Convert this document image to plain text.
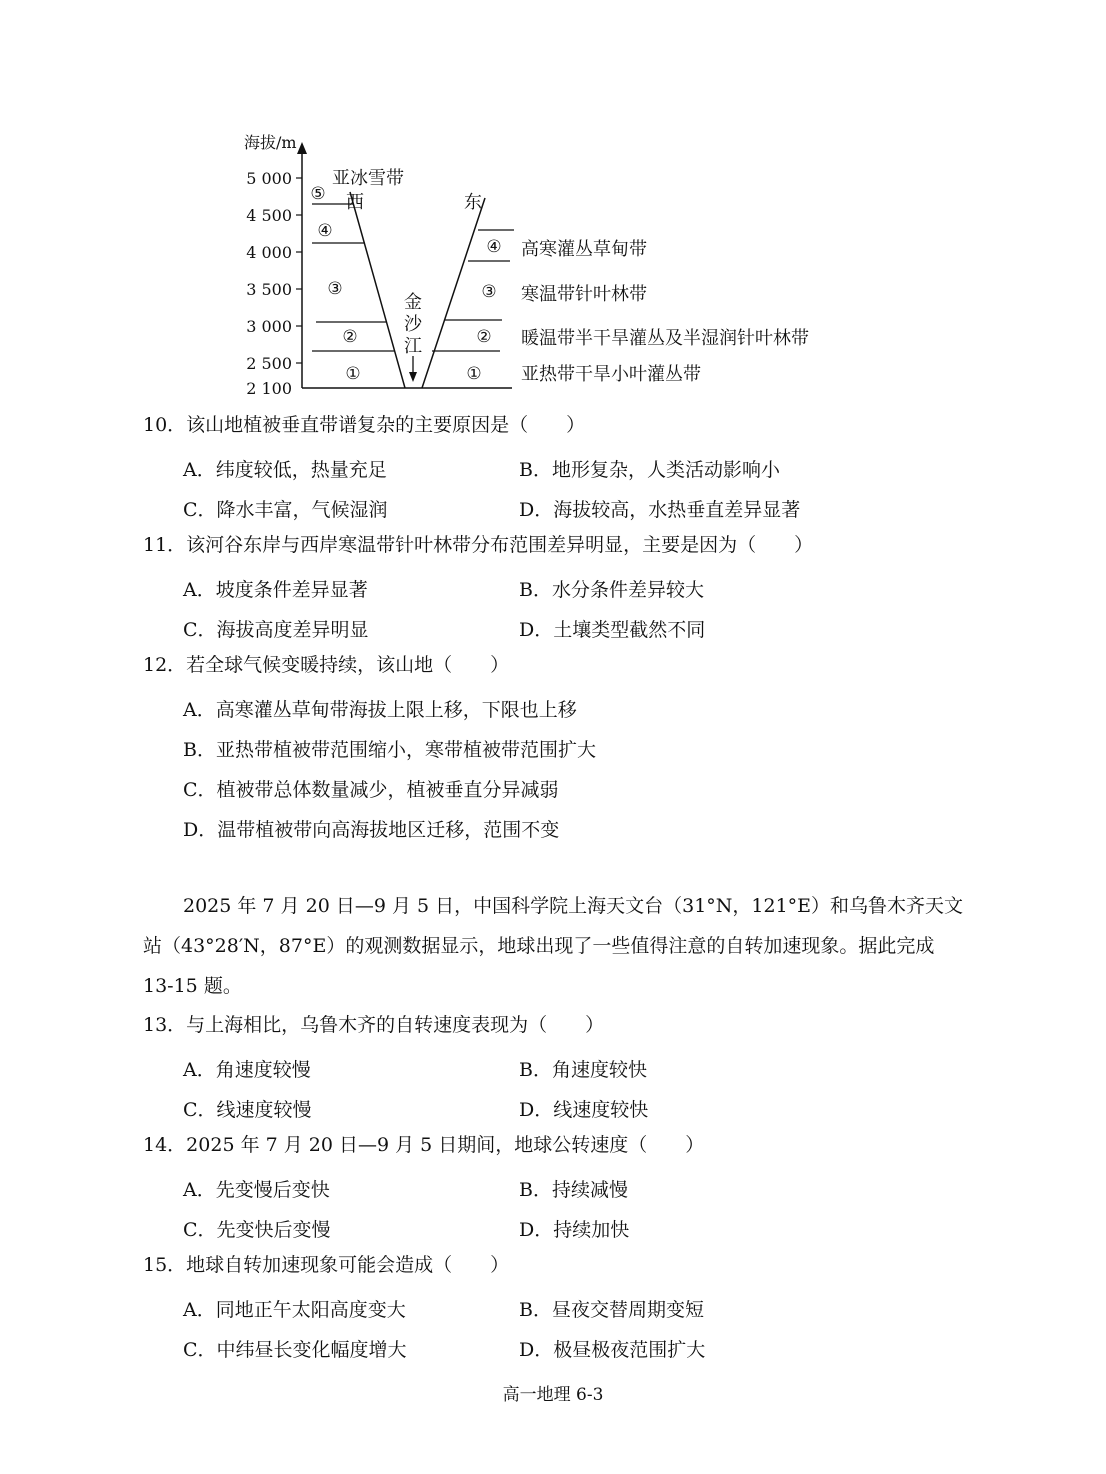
海拔/m
5 000
4 500
4 000
3 500
3 000
2 500
2 100
⑤
④
③
②
①
④
③
②
①
亚冰雪带
西	东
金
沙
江
高寒灌丛草甸带
寒温带针叶林带
暖温带半干旱灌丛及半湿润针叶林带
亚热带干旱小叶灌丛带
10．该山地植被垂直带谱复杂的主要原因是（　　）
A．纬度较低，热量充足	B．地形复杂，人类活动影响小
C．降水丰富，气候湿润	D．海拔较高，水热垂直差异显著
11．该河谷东岸与西岸寒温带针叶林带分布范围差异明显，主要是因为（　　）
A．坡度条件差异显著	B．水分条件差异较大
C．海拔高度差异明显	D．土壤类型截然不同
12．若全球气候变暖持续，该山地（　　）
A．高寒灌丛草甸带海拔上限上移，下限也上移
B．亚热带植被带范围缩小，寒带植被带范围扩大
C．植被带总体数量减少，植被垂直分异减弱
D．温带植被带向高海拔地区迁移，范围不变
2025 年 7 月 20 日—9 月 5 日，中国科学院上海天文台（31°N，121°E）和乌鲁木齐天文站（43°28′N，87°E）的观测数据显示，地球出现了一些值得注意的自转加速现象。据此完成 13-15 题。
13．与上海相比，乌鲁木齐的自转速度表现为（　　）
A．角速度较慢	B．角速度较快
C．线速度较慢	D．线速度较快
14．2025 年 7 月 20 日—9 月 5 日期间，地球公转速度（　　）
A．先变慢后变快	B．持续减慢
C．先变快后变慢	D．持续加快
15．地球自转加速现象可能会造成（　　）
A．同地正午太阳高度变大	B．昼夜交替周期变短
C．中纬昼长变化幅度增大	D．极昼极夜范围扩大
高一地理 6-3
